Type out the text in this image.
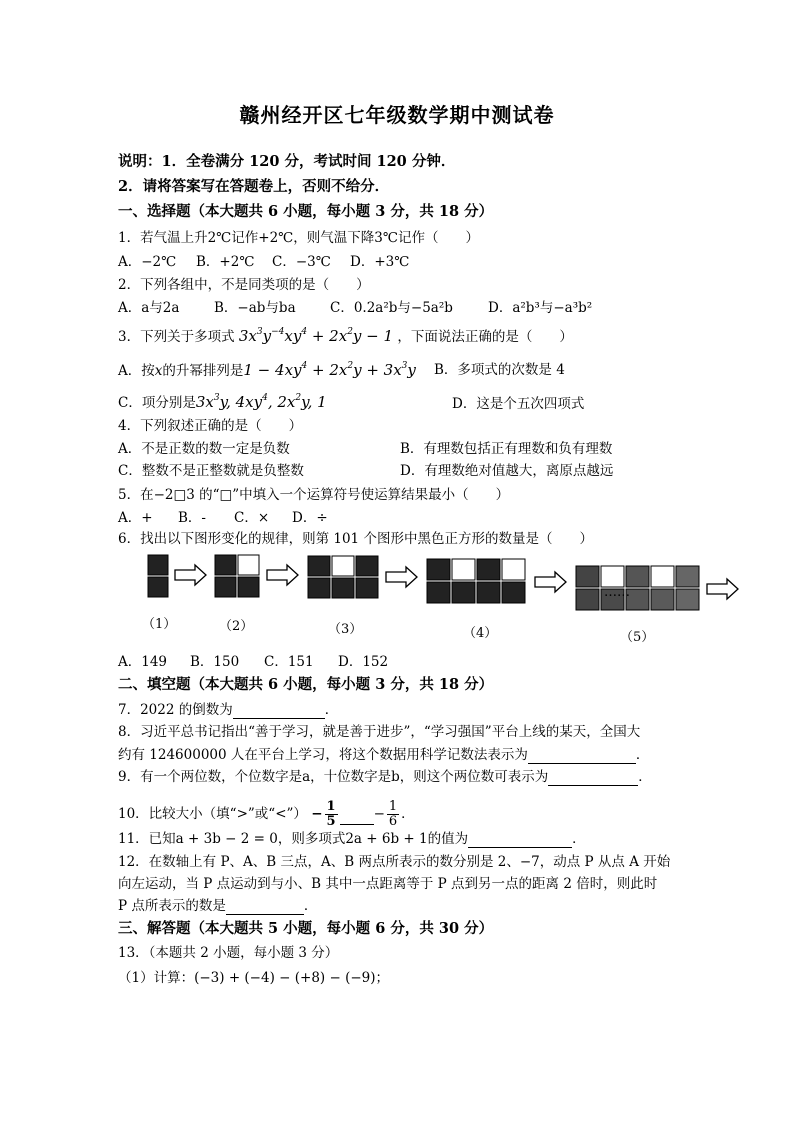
赣州经开区七年级数学期中测试卷
说明：1．全卷满分 120 分，考试时间 120 分钟．
2．请将答案写在答题卷上，否则不给分．
一、选择题（本大题共 6 小题，每小题 3 分，共 18 分）
1．若气温上升2℃记作+2℃，则气温下降3℃记作（　　）
A．−2℃ B．+2℃ C．−3℃ D．+3℃
2．下列各组中，不是同类项的是（　　）
A．a与2a	B．−ab与ba	C．0.2a²b与−5a²b	D．a²b³与−a³b²
3．下列关于多项式 $3x^3y^{-4}xy^4 + 2x^2y - 1$ ，下面说法正确的是（　　）
A．按x的升幂排列是$1 - 4xy^4 + 2x^2y + 3x^3y$ B．多项式的次数是 4
C．项分别是$3x^3y$, $4xy^4$, $2x^2y$, 1	D．这是个五次四项式
4．下列叙述正确的是（　　）
A．不是正数的数一定是负数	B．有理数包括正有理数和负有理数
C．整数不是正整数就是负整数	D．有理数绝对值越大，离原点越远
5．在−2□3 的“□”中填入一个运算符号使运算结果最小（　　）
A．+ B．- C．× D．÷
6．找出以下图形变化的规律，则第 101 个图形中黑色正方形的数量是（　　）
……
（1）	（2）	（3）	（4）	（5）
A．149 B．150 C．151 D．152
二、填空题（本大题共 6 小题，每小题 3 分，共 18 分）
7．2022 的倒数为	．
8．习近平总书记指出“善于学习，就是善于进步”，“学习强国”平台上线的某天，全国大
约有 124600000 人在平台上学习，将这个数据用科学记数法表示为	．
9．有一个两位数，个位数字是a，十位数字是b，则这个两位数可表示为	．
10．比较大小（填“>”或“<”） − $\frac{1}{5}$	− $\frac{1}{6}$ ．
11．已知a + 3b − 2 = 0，则多项式2a + 6b + 1的值为	．
12．在数轴上有 P、A、B 三点，A、B 两点所表示的数分别是 2、−7，动点 P 从点 A 开始
向左运动，当 P 点运动到与小、B 其中一点距离等于 P 点到另一点的距离 2 倍时，则此时
P 点所表示的数是	．
三、解答题（本大题共 5 小题，每小题 6 分，共 30 分）
13．（本题共 2 小题，每小题 3 分）
（1）计算：(−3) + (−4) − (+8) − (−9)；
